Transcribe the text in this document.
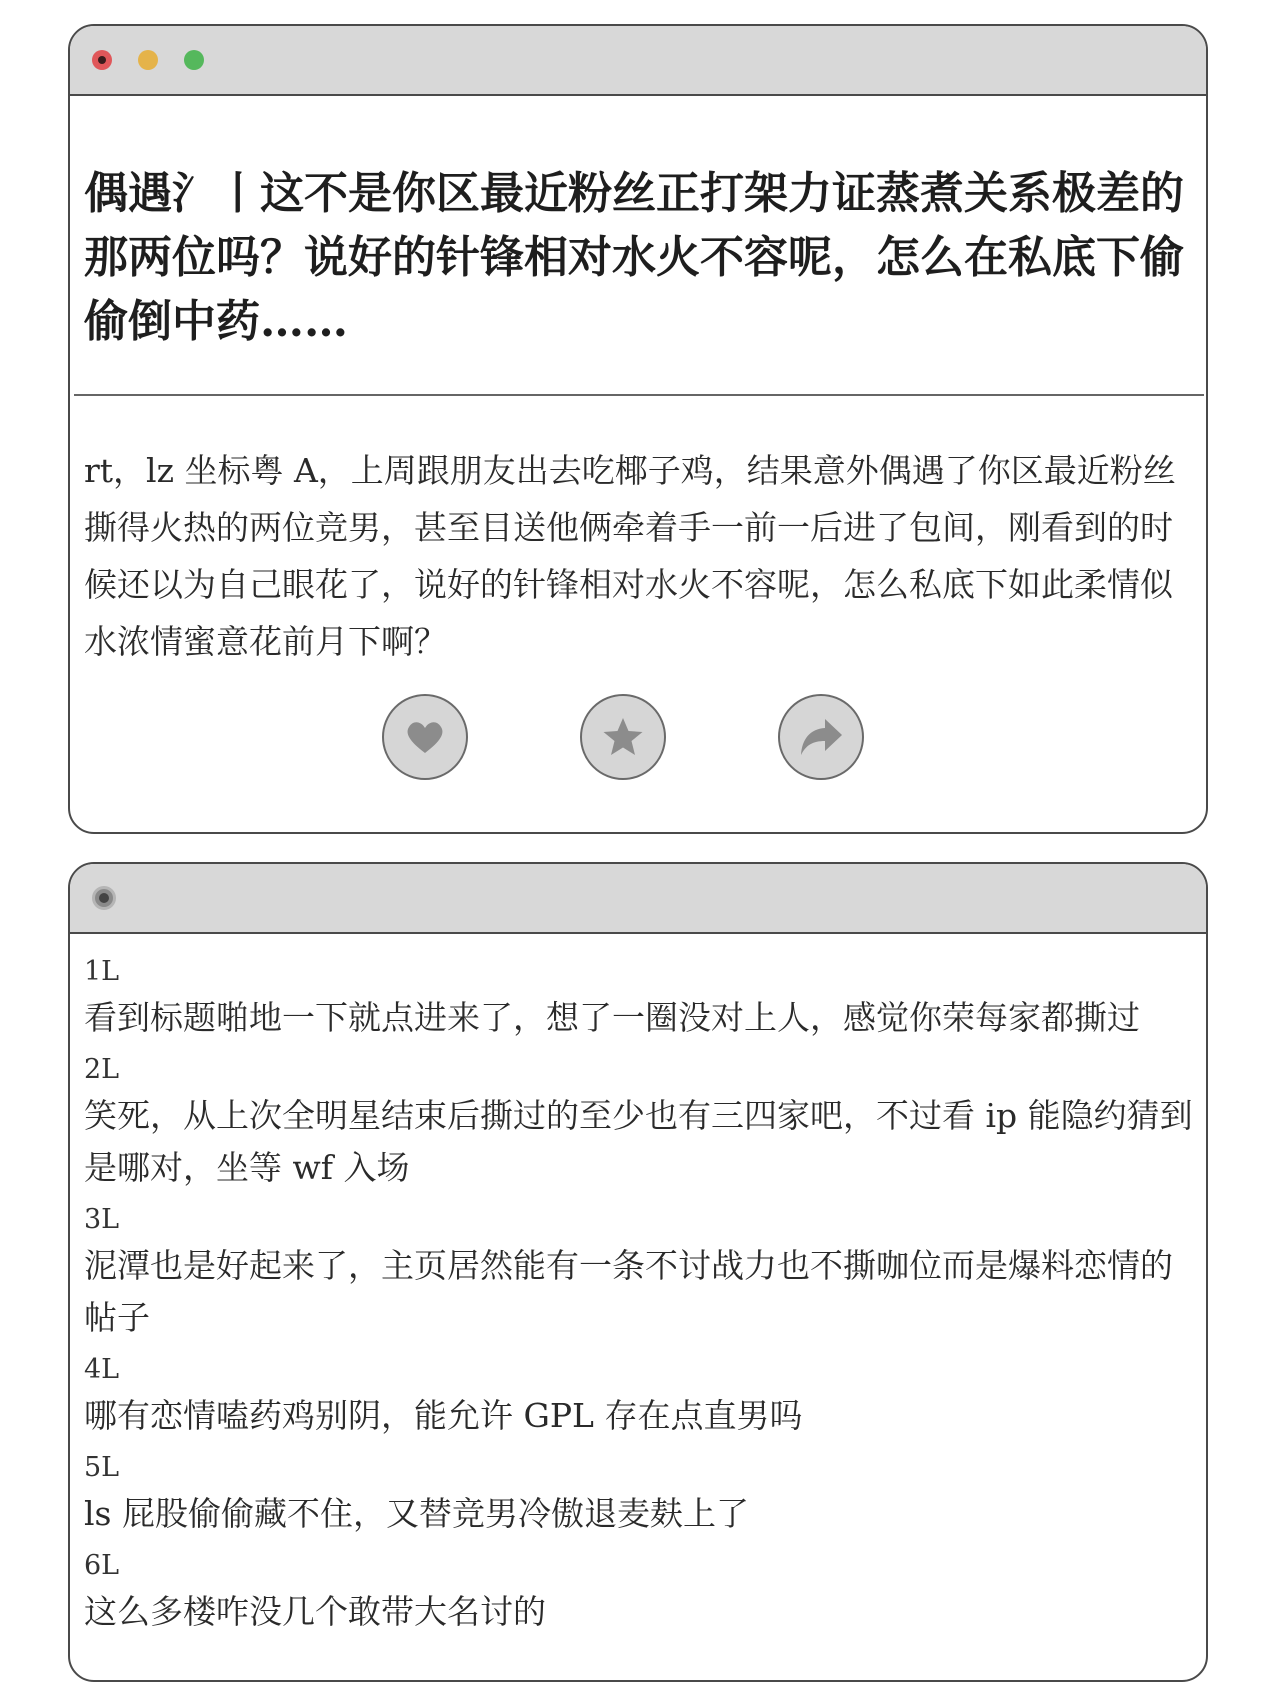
偶遇氵丨这不是你区最近粉丝正打架力证蒸煮关系极差的那两位吗？说好的针锋相对水火不容呢，怎么在私底下偷偷倒中药……
rt，lz 坐标粤 A，上周跟朋友出去吃椰子鸡，结果意外偶遇了你区最近粉丝撕得火热的两位竞男，甚至目送他俩牵着手一前一后进了包间，刚看到的时候还以为自己眼花了，说好的针锋相对水火不容呢，怎么私底下如此柔情似水浓情蜜意花前月下啊？
1L
看到标题啪地一下就点进来了，想了一圈没对上人，感觉你荣每家都撕过
2L
笑死，从上次全明星结束后撕过的至少也有三四家吧，不过看 ip 能隐约猜到是哪对，坐等 wf 入场
3L
泥潭也是好起来了，主页居然能有一条不讨战力也不撕咖位而是爆料恋情的帖子
4L
哪有恋情嗑药鸡别阴，能允许 GPL 存在点直男吗
5L
ls 屁股偷偷藏不住，又替竞男冷傲退麦麸上了
6L
这么多楼咋没几个敢带大名讨的
